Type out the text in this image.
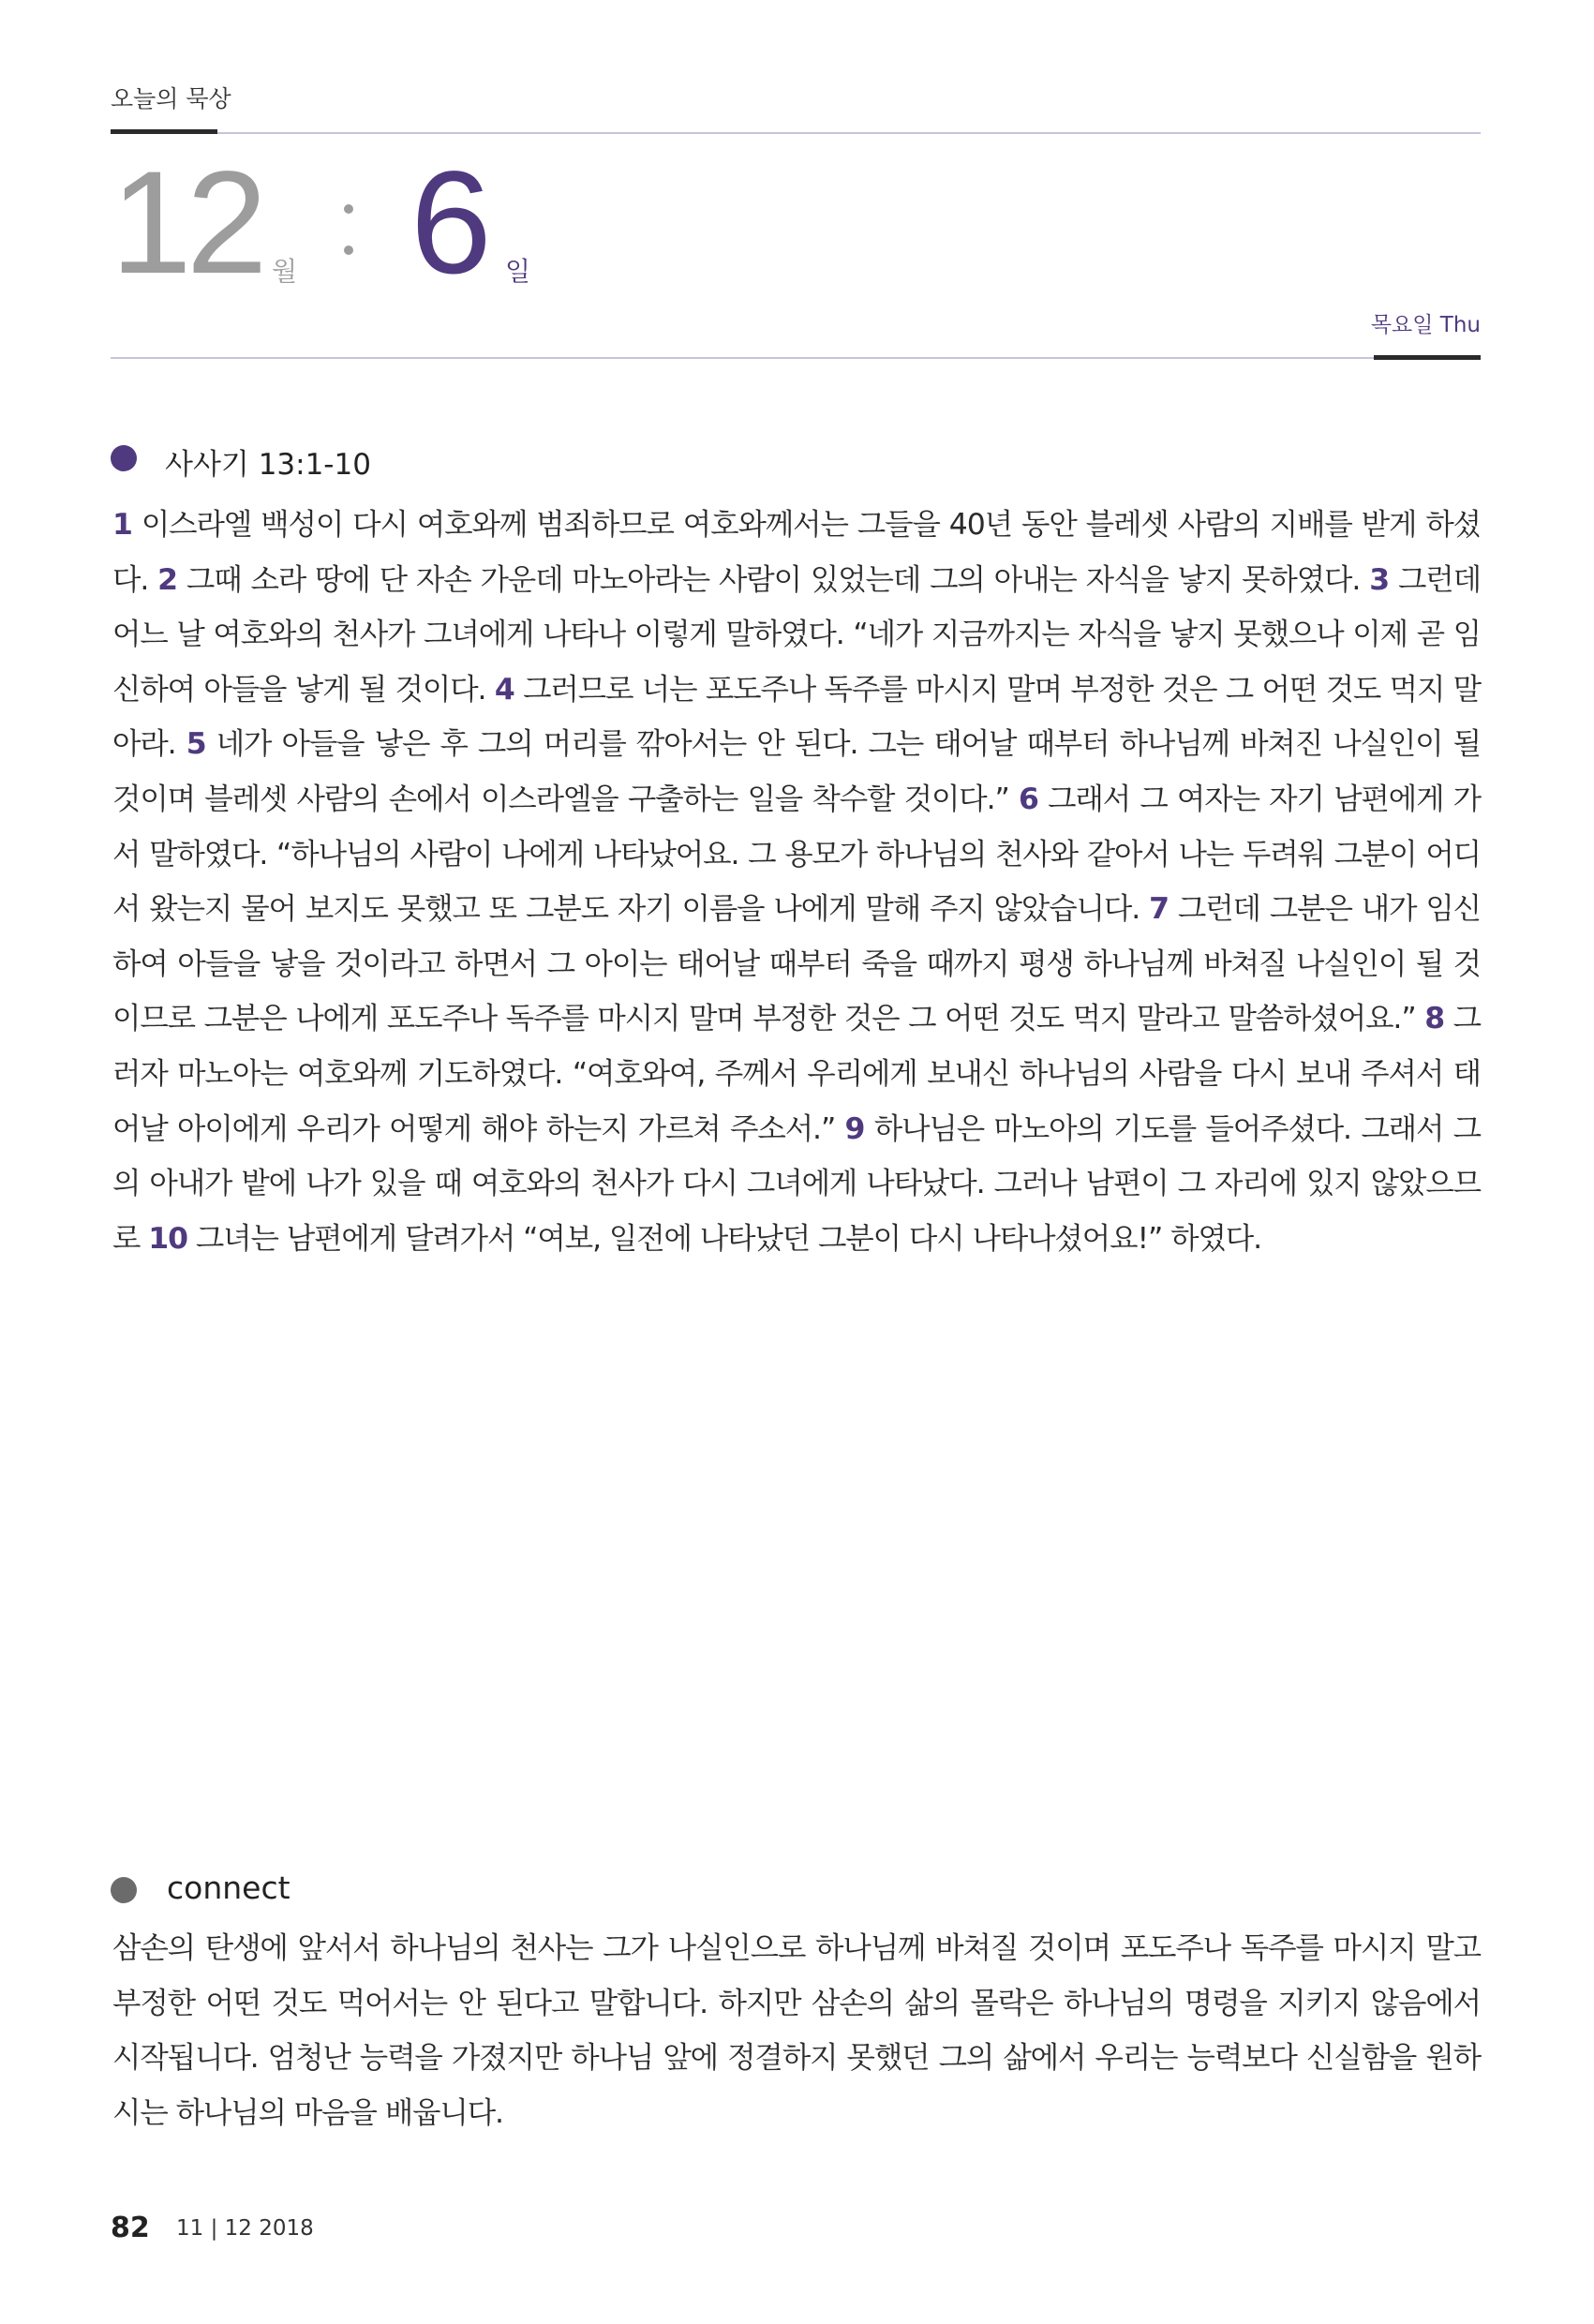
오늘의 묵상
12 월 6 일
목요일 Thu
사사기 13:1-10
1 이스라엘 백성이 다시 여호와께 범죄하므로 여호와께서는 그들을 40년 동안 블레셋 사람의 지배를 받게 하셨다. 2 그때 소라 땅에 단 자손 가운데 마노아라는 사람이 있었는데 그의 아내는 자식을 낳지 못하였다. 3 그런데 어느 날 여호와의 천사가 그녀에게 나타나 이렇게 말하였다. “네가 지금까지는 자식을 낳지 못했으나 이제 곧 임신하여 아들을 낳게 될 것이다. 4 그러므로 너는 포도주나 독주를 마시지 말며 부정한 것은 그 어떤 것도 먹지 말아라. 5 네가 아들을 낳은 후 그의 머리를 깎아서는 안 된다. 그는 태어날 때부터 하나님께 바쳐진 나실인이 될 것이며 블레셋 사람의 손에서 이스라엘을 구출하는 일을 착수할 것이다.” 6 그래서 그 여자는 자기 남편에게 가서 말하였다. “하나님의 사람이 나에게 나타났어요. 그 용모가 하나님의 천사와 같아서 나는 두려워 그분이 어디서 왔는지 물어 보지도 못했고 또 그분도 자기 이름을 나에게 말해 주지 않았습니다. 7 그런데 그분은 내가 임신하여 아들을 낳을 것이라고 하면서 그 아이는 태어날 때부터 죽을 때까지 평생 하나님께 바쳐질 나실인이 될 것이므로 그분은 나에게 포도주나 독주를 마시지 말며 부정한 것은 그 어떤 것도 먹지 말라고 말씀하셨어요.” 8 그러자 마노아는 여호와께 기도하였다. “여호와여, 주께서 우리에게 보내신 하나님의 사람을 다시 보내 주셔서 태어날 아이에게 우리가 어떻게 해야 하는지 가르쳐 주소서.” 9 하나님은 마노아의 기도를 들어주셨다. 그래서 그의 아내가 밭에 나가 있을 때 여호와의 천사가 다시 그녀에게 나타났다. 그러나 남편이 그 자리에 있지 않았으므로 10 그녀는 남편에게 달려가서 “여보, 일전에 나타났던 그분이 다시 나타나셨어요!” 하였다.
connect
삼손의 탄생에 앞서서 하나님의 천사는 그가 나실인으로 하나님께 바쳐질 것이며 포도주나 독주를 마시지 말고 부정한 어떤 것도 먹어서는 안 된다고 말합니다. 하지만 삼손의 삶의 몰락은 하나님의 명령을 지키지 않음에서 시작됩니다. 엄청난 능력을 가졌지만 하나님 앞에 정결하지 못했던 그의 삶에서 우리는 능력보다 신실함을 원하시는 하나님의 마음을 배웁니다.
82 11 | 12 2018
